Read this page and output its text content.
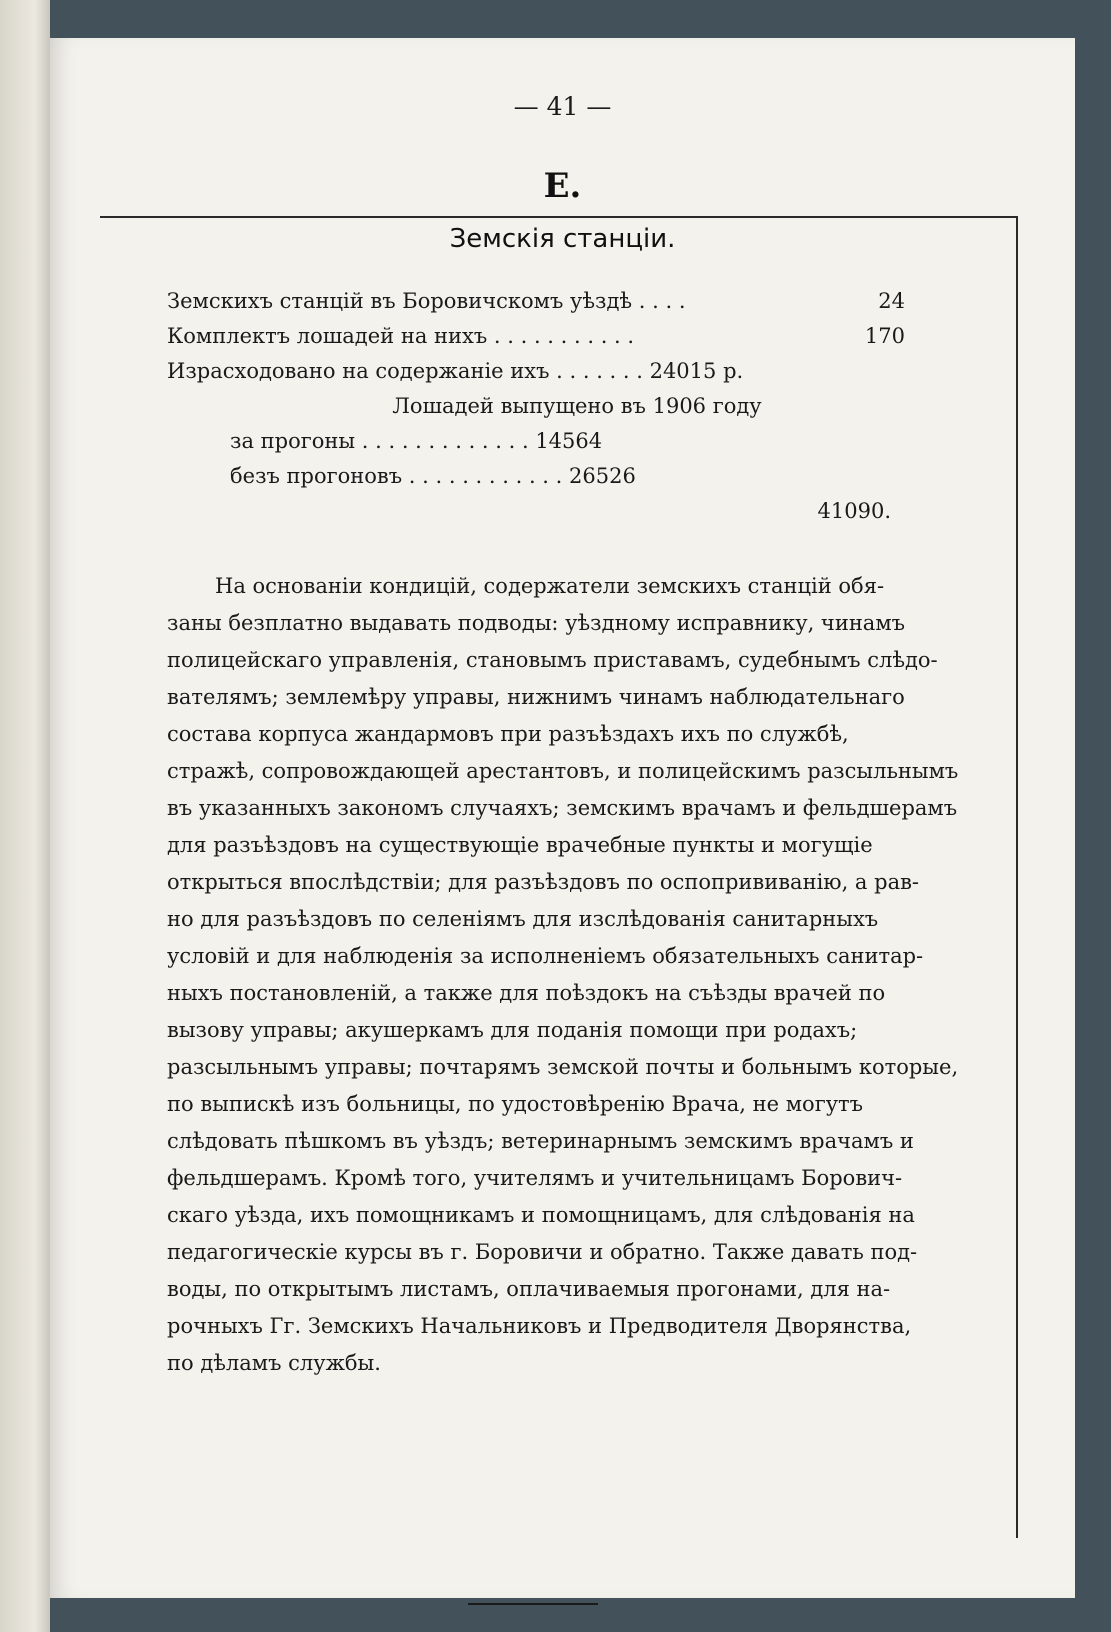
— 41 —
Е.
Земскія станціи.
Земскихъ станцій въ Боровичскомъ уѣздѣ . . . .	24
Комплектъ лошадей на нихъ . . . . . . . . . . .	170
Израсходовано на содержаніе ихъ . . . . . . . 24015 р.
Лошадей выпущено въ 1906 году
за прогоны . . . . . . . . . . . . . 14564
безъ прогоновъ . . . . . . . . . . . . 26526
41090.

На основаніи кондицій, содержатели земскихъ станцій обя-

заны безплатно выдавать подводы: уѣздному исправнику, чинамъ

полицейскаго управленія, становымъ приставамъ, судебнымъ слѣдо-

вателямъ; землемѣру управы, нижнимъ чинамъ наблюдательнаго

состава корпуса жандармовъ при разъѣздахъ ихъ по службѣ,

стражѣ, сопровождающей арестантовъ, и полицейскимъ разсыльнымъ

въ указанныхъ закономъ случаяхъ; земскимъ врачамъ и фельдшерамъ

для разъѣздовъ на существующіе врачебные пункты и могущіе

открыться впослѣдствіи; для разъѣздовъ по оспопрививанію, а рав-

но для разъѣздовъ по селеніямъ для изслѣдованія санитарныхъ

условій и для наблюденія за исполненіемъ обязательныхъ санитар-

ныхъ постановленій, а также для поѣздокъ на съѣзды врачей по

вызову управы; акушеркамъ для поданія помощи при родахъ;

разсыльнымъ управы; почтарямъ земской почты и больнымъ которые,

по выпискѣ изъ больницы, по удостовѣренію Врача, не могутъ

слѣдовать пѣшкомъ въ уѣздъ; ветеринарнымъ земскимъ врачамъ и

фельдшерамъ. Кромѣ того, учителямъ и учительницамъ Борович-

скаго уѣзда, ихъ помощникамъ и помощницамъ, для слѣдованія на

педагогическіе курсы въ г. Боровичи и обратно. Также давать под-

воды, по открытымъ листамъ, оплачиваемыя прогонами, для на-

рочныхъ Гг. Земскихъ Начальниковъ и Предводителя Дворянства,

по дѣламъ службы.
